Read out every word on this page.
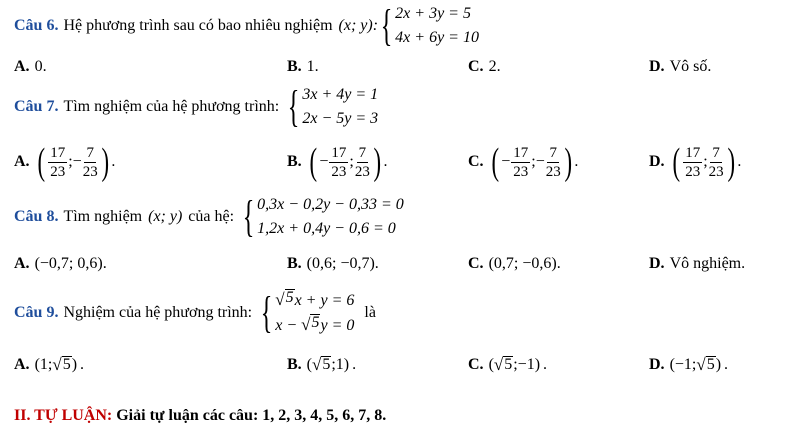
Câu 6. Hệ phương trình sau có bao nhiêu nghiệm (x; y): { 2x + 3y = 5
4x + 6y = 10
A. 0.	B. 1.	C. 2.	D. Vô số.
Câu 7. Tìm nghiệm của hệ phương trình: { 3x + 4y = 1
2x − 5y = 3
A. ( $\frac{17}{23}$ ; − $\frac{7}{23}$ ) .	B. ( − $\frac{17}{23}$ ; $\frac{7}{23}$ ) .	C. ( − $\frac{17}{23}$ ; − $\frac{7}{23}$ ) .	D. ( $\frac{17}{23}$ ; $\frac{7}{23}$ ) .
Câu 8. Tìm nghiệm (x; y) của hệ: { 0,3x − 0,2y − 0,33 = 0
1,2x + 0,4y − 0,6 = 0
A. (−0,7; 0,6).	B. (0,6; −0,7).	C. (0,7; −0,6).	D. Vô nghiệm.
Câu 9. Nghiệm của hệ phương trình: { √ 5 x + y = 6
x − √ 5 y = 0
là
A. (1; √ 5 ) .	B. ( √ 5 ;1) .	C. ( √ 5 ;−1) .	D. (−1; √ 5 ) .
II. TỰ LUẬN: Giải tự luận các câu: 1, 2, 3, 4, 5, 6, 7, 8.
